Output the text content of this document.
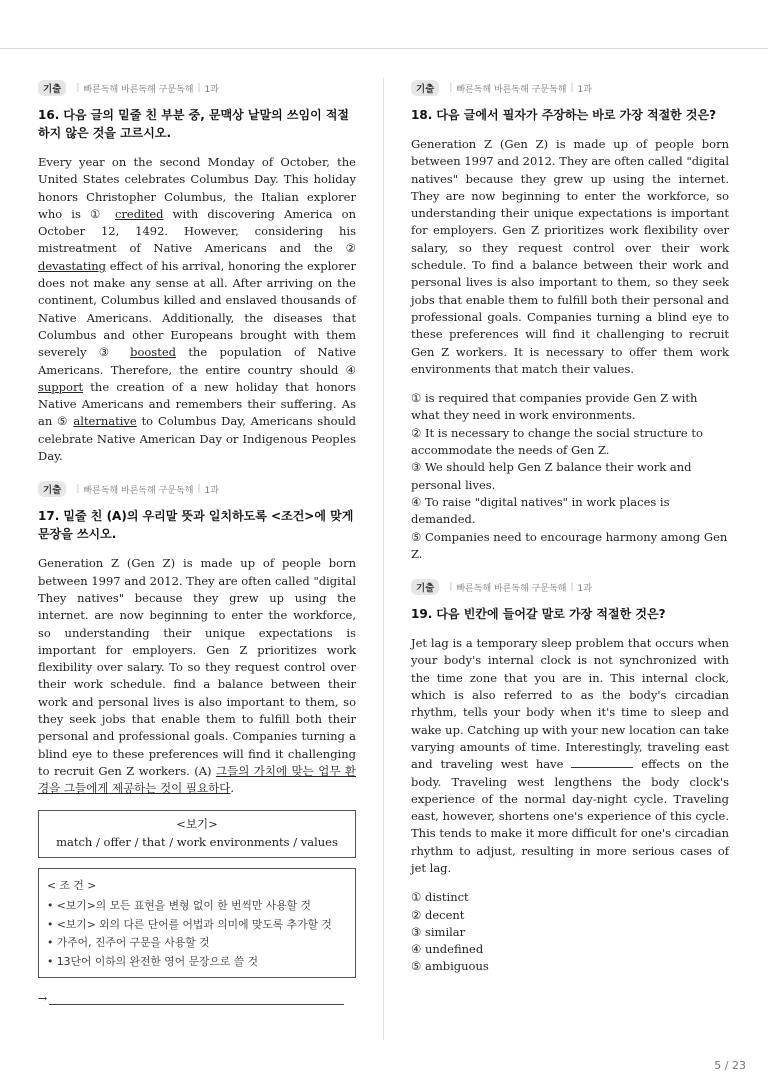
기출	| 빠른독해 바른독해 구문독해 | 1과

16. 다음 글의 밑줄 친 부분 중, 문맥상 낱말의 쓰임이 적절하지 않은 것을 고르시오.

Every year on the second Monday of October, the United States celebrates Columbus Day. This holiday honors Christopher Columbus, the Italian explorer who is ① credited with discovering America on October 12, 1492. However, considering his mistreatment of Native Americans and the ② devastating effect of his arrival, honoring the explorer does not make any sense at all. After arriving on the continent, Columbus killed and enslaved thousands of Native Americans. Additionally, the diseases that Columbus and other Europeans brought with them severely ③ boosted the population of Native Americans. Therefore, the entire country should ④ support the creation of a new holiday that honors Native Americans and remembers their suffering. As an ⑤ alternative to Columbus Day, Americans should celebrate Native American Day or Indigenous Peoples Day.
기출	| 빠른독해 바른독해 구문독해 | 1과

17. 밑줄 친 (A)의 우리말 뜻과 일치하도록 <조건>에 맞게 문장을 쓰시오.

Generation Z (Gen Z) is made up of people born between 1997 and 2012. They are often called "digital They natives" because they grew up using the internet. are now beginning to enter the workforce, so understanding their unique expectations is important for employers. Gen Z prioritizes work flexibility over salary. To so they request control over their work schedule. find a balance between their work and personal lives is also important to them, so they seek jobs that enable them to fulfill both their personal and professional goals. Companies turning a blind eye to these preferences will find it challenging to recruit Gen Z workers. (A) 그들의 가치에 맞는 업무 환경을 그들에게 제공하는 것이 필요하다.
<보기>
match / offer / that / work environments / values
< 조 건 >
• <보기>의 모든 표현을 변형 없이 한 번씩만 사용할 것
• <보기> 외의 다른 단어를 어법과 의미에 맞도록 추가할 것
• 가주어, 진주어 구문을 사용할 것
• 13단어 이하의 완전한 영어 문장으로 쓸 것
→
기출	| 빠른독해 바른독해 구문독해 | 1과

18. 다음 글에서 필자가 주장하는 바로 가장 적절한 것은?

Generation Z (Gen Z) is made up of people born between 1997 and 2012. They are often called "digital natives" because they grew up using the internet. They are now beginning to enter the workforce, so understanding their unique expectations is important for employers. Gen Z prioritizes work flexibility over salary, so they request control over their work schedule. To find a balance between their work and personal lives is also important to them, so they seek jobs that enable them to fulfill both their personal and professional goals. Companies turning a blind eye to these preferences will find it challenging to recruit Gen Z workers. It is necessary to offer them work environments that match their values.
① is required that companies provide Gen Z with what they need in work environments.
② It is necessary to change the social structure to accommodate the needs of Gen Z.
③ We should help Gen Z balance their work and personal lives.
④ To raise "digital natives" in work places is demanded.
⑤ Companies need to encourage harmony among Gen Z.
기출	| 빠른독해 바른독해 구문독해 | 1과

19. 다음 빈칸에 들어갈 말로 가장 적절한 것은?

Jet lag is a temporary sleep problem that occurs when your body's internal clock is not synchronized with the time zone that you are in. This internal clock, which is also referred to as the body's circadian rhythm, tells your body when it's time to sleep and wake up. Catching up with your new location can take varying amounts of time. Interestingly, traveling east and traveling west have	effects on the body. Traveling west lengthens the body clock's experience of the normal day-night cycle. Traveling east, however, shortens one's experience of this cycle. This tends to make it more difficult for one's circadian rhythm to adjust, resulting in more serious cases of jet lag.
① distinct
② decent
③ similar
④ undefined
⑤ ambiguous
5 / 23
